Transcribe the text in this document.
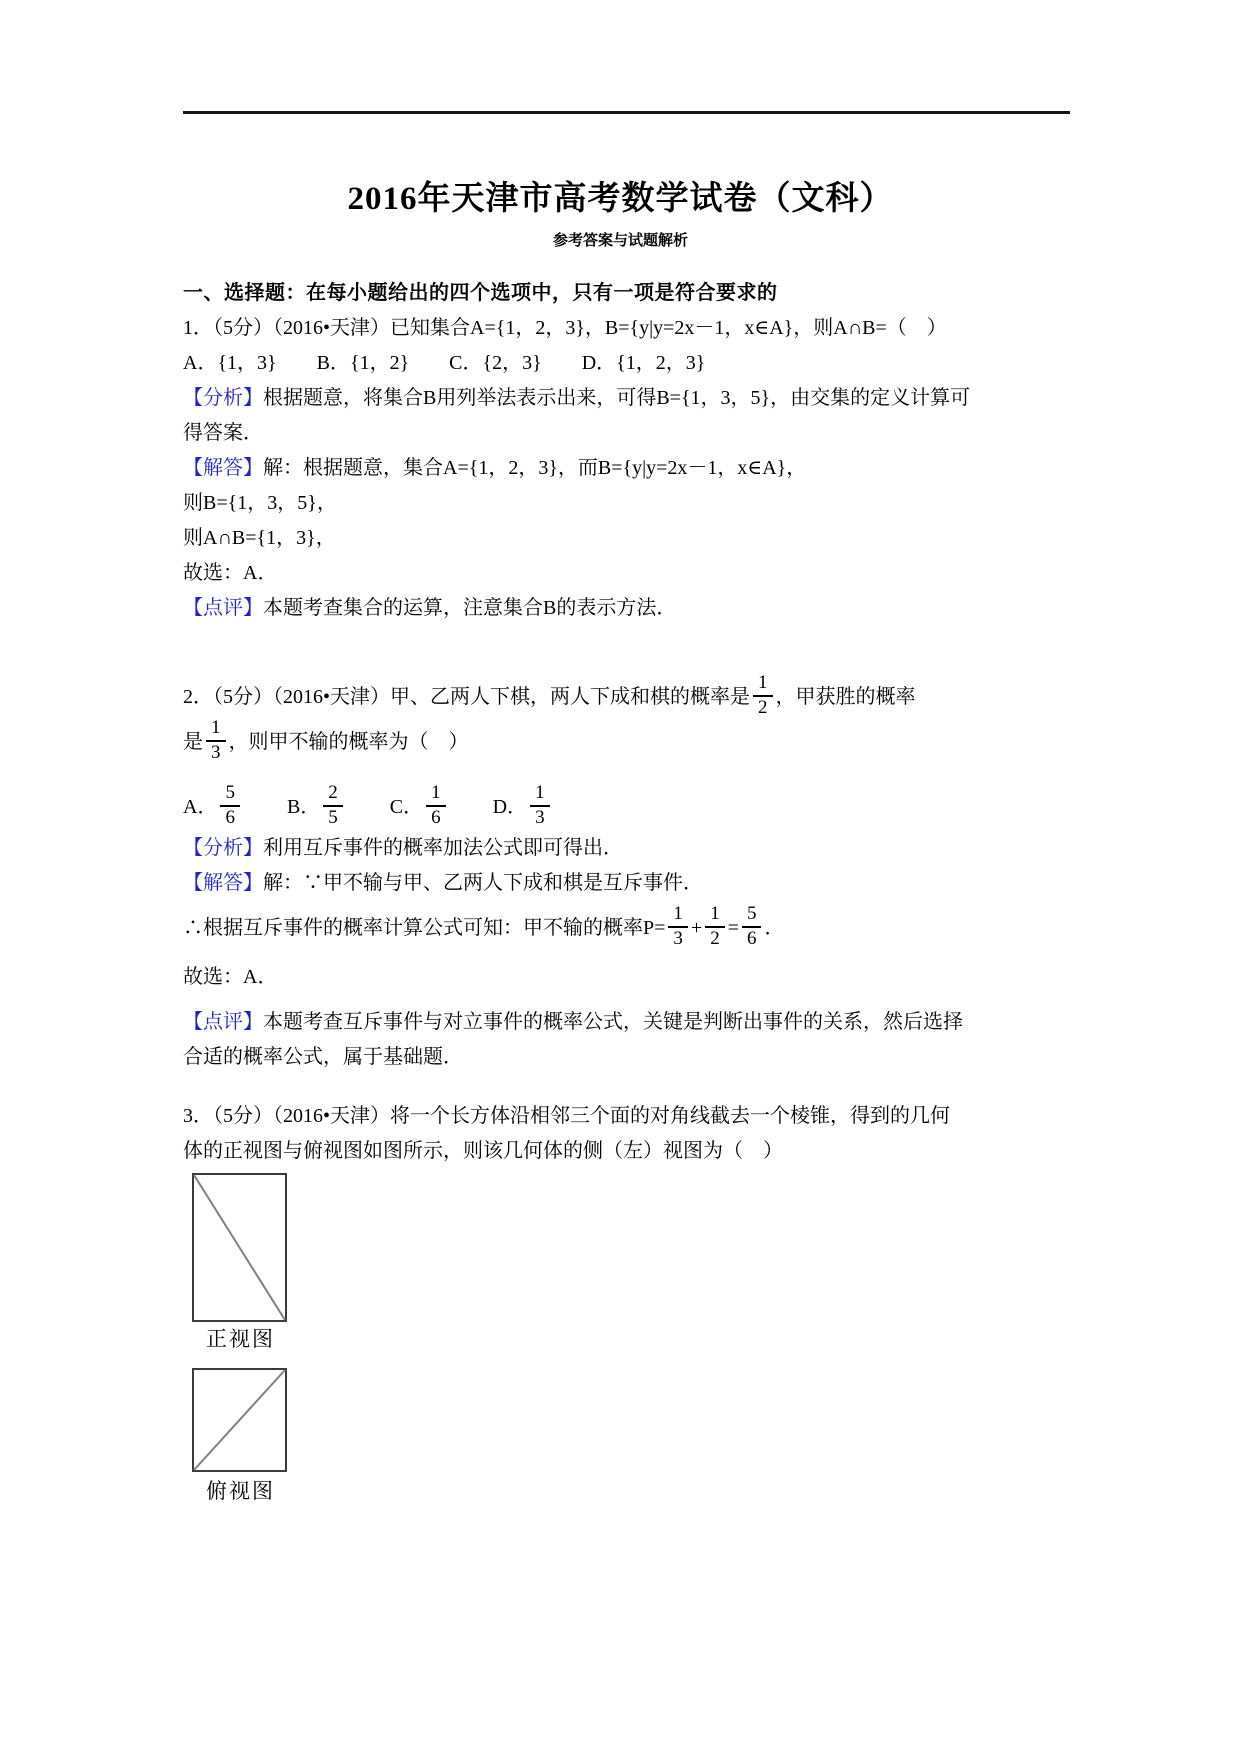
2016年天津市高考数学试卷（文科）
参考答案与试题解析

一、选择题：在每小题给出的四个选项中，只有一项是符合要求的

1．（5分）（2016•天津）已知集合A={1，2，3}，B={y|y=2x－1，x∈A}，则A∩B=（　）

A．{1，3}　　B．{1，2}　　C．{2，3}　　D．{1，2，3}

【分析】根据题意，将集合B用列举法表示出来，可得B={1，3，5}，由交集的定义计算可

得答案．

【解答】解：根据题意，集合A={1，2，3}，而B={y|y=2x－1，x∈A}，

则B={1，3，5}，

则A∩B={1，3}，

故选：A．

【点评】本题考查集合的运算，注意集合B的表示方法．

2．（5分）（2016•天津）甲、乙两人下棋，两人下成和棋的概率是 $\frac{1}{2}$ ，甲获胜的概率

是 $\frac{1}{3}$ ，则甲不输的概率为（　）

A． $\frac{5}{6}$ B． $\frac{2}{5}$ C． $\frac{1}{6}$ D． $\frac{1}{3}$

【分析】利用互斥事件的概率加法公式即可得出．

【解答】解：∵甲不输与甲、乙两人下成和棋是互斥事件．

∴根据互斥事件的概率计算公式可知：甲不输的概率$P= \frac{1}{3} + \frac{1}{2} = \frac{5}{6}$ ．

故选：A．

【点评】本题考查互斥事件与对立事件的概率公式，关键是判断出事件的关系，然后选择

合适的概率公式，属于基础题．

3．（5分）（2016•天津）将一个长方体沿相邻三个面的对角线截去一个棱锥，得到的几何

体的正视图与俯视图如图所示，则该几何体的侧（左）视图为（　）

正视图
俯视图
